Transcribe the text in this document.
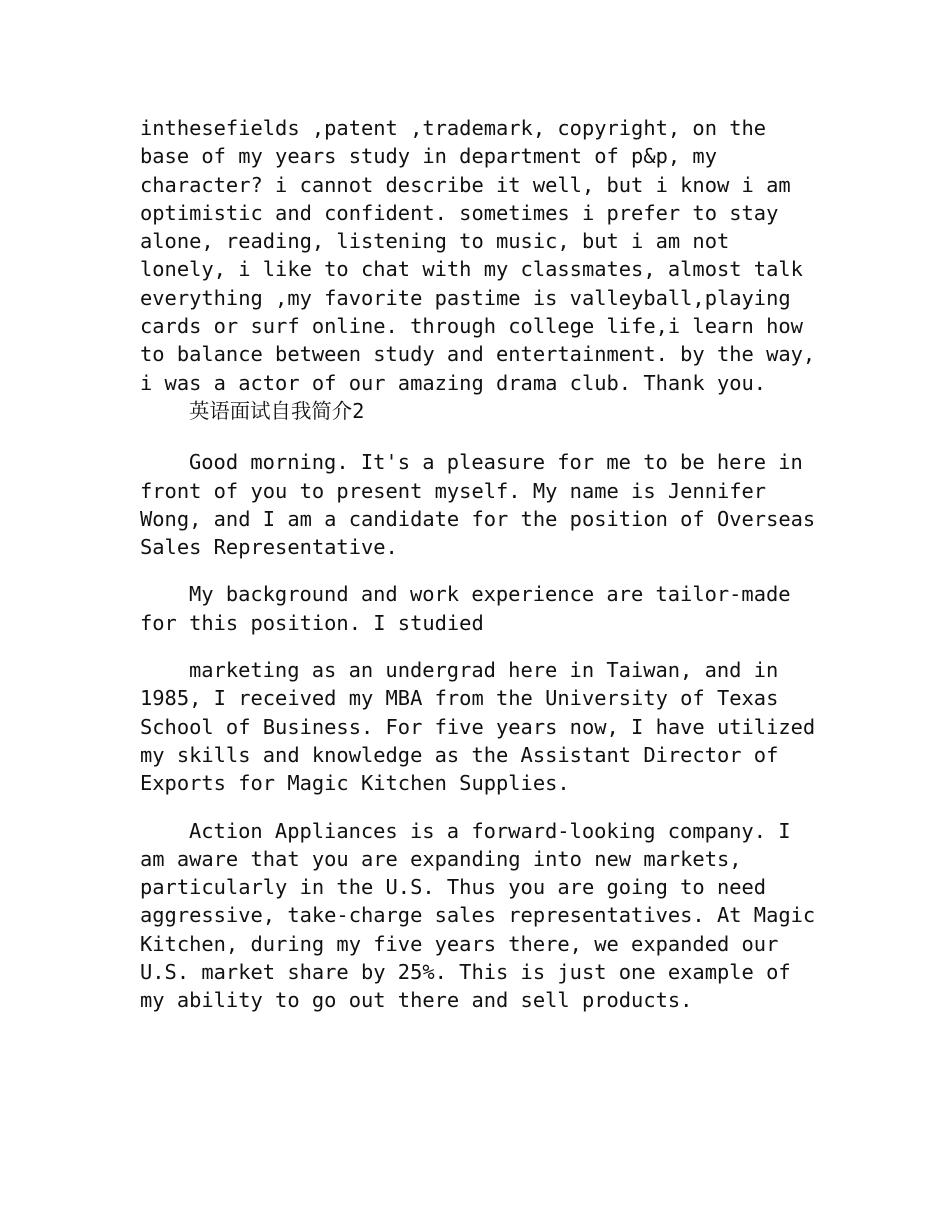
inthesefields ,patent ,trademark, copyright, on the base of my years study in department of p&p, my character? i cannot describe it well, but i know i am optimistic and confident. sometimes i prefer to stay alone, reading, listening to music, but i am not lonely, i like to chat with my classmates, almost talk everything ,my favorite pastime is valleyball,playing cards or surf online. through college life,i learn how to balance between study and entertainment. by the way, i was a actor of our amazing drama club. Thank you.

英语面试自我简介2

Good morning. It's a pleasure for me to be here in front of you to present myself. My name is Jennifer Wong, and I am a candidate for the position of Overseas Sales Representative.

My background and work experience are tailor-made for this position. I studied

marketing as an undergrad here in Taiwan, and in 1985, I received my MBA from the University of Texas School of Business. For five years now, I have utilized my skills and knowledge as the Assistant Director of Exports for Magic Kitchen Supplies.

Action Appliances is a forward-looking company. I am aware that you are expanding into new markets, particularly in the U.S. Thus you are going to need aggressive, take-charge sales representatives. At Magic Kitchen, during my five years there, we expanded our U.S. market share by 25%. This is just one example of my ability to go out there and sell products.
